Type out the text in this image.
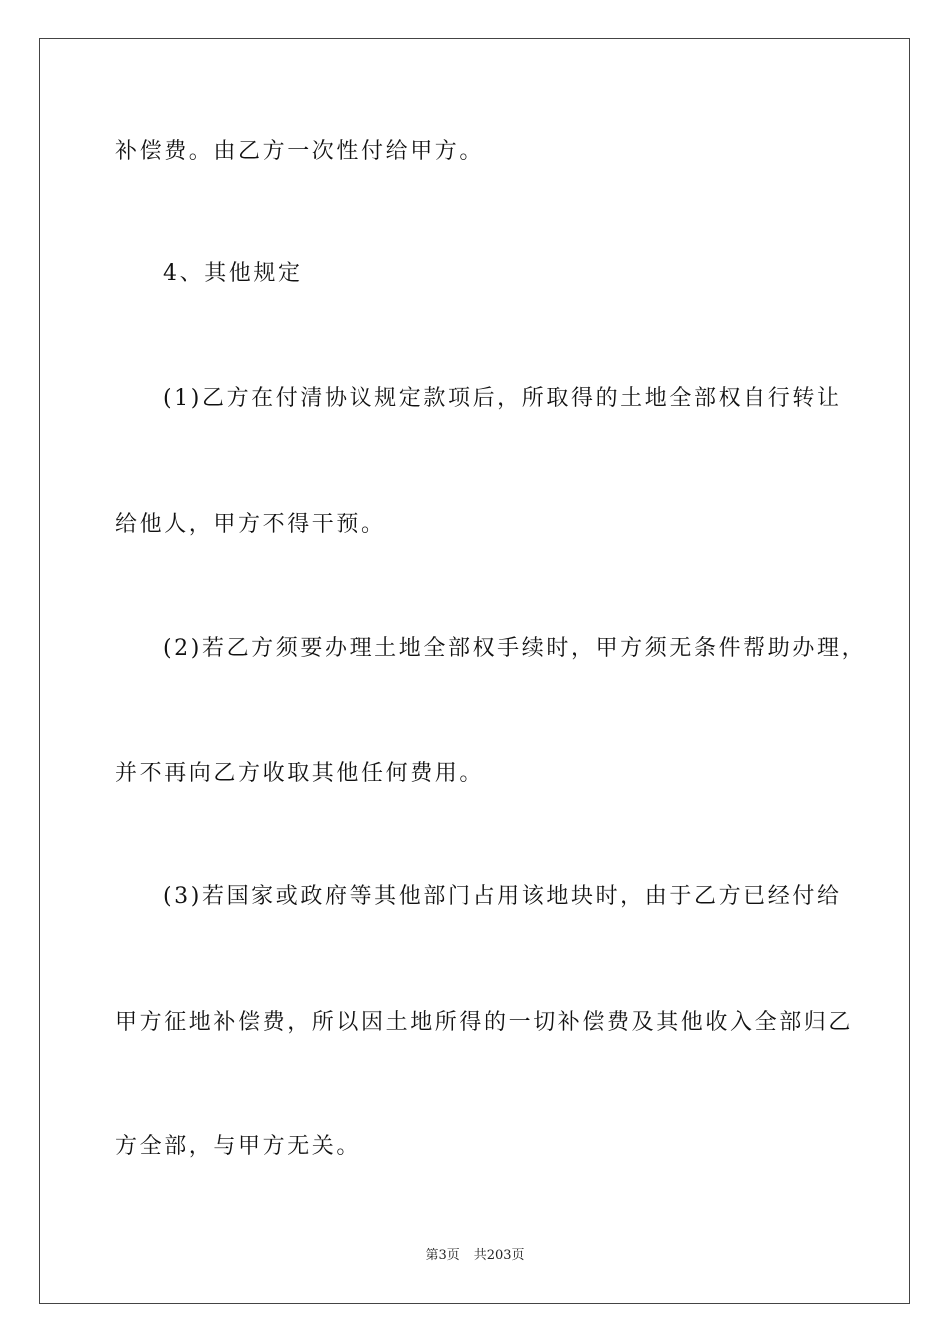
补偿费。由乙方一次性付给甲方。
4、其他规定
(1)乙方在付清协议规定款项后，所取得的土地全部权自行转让
给他人，甲方不得干预。
(2)若乙方须要办理土地全部权手续时，甲方须无条件帮助办理，
并不再向乙方收取其他任何费用。
(3)若国家或政府等其他部门占用该地块时，由于乙方已经付给
甲方征地补偿费，所以因土地所得的一切补偿费及其他收入全部归乙
方全部，与甲方无关。
第3页 共203页
